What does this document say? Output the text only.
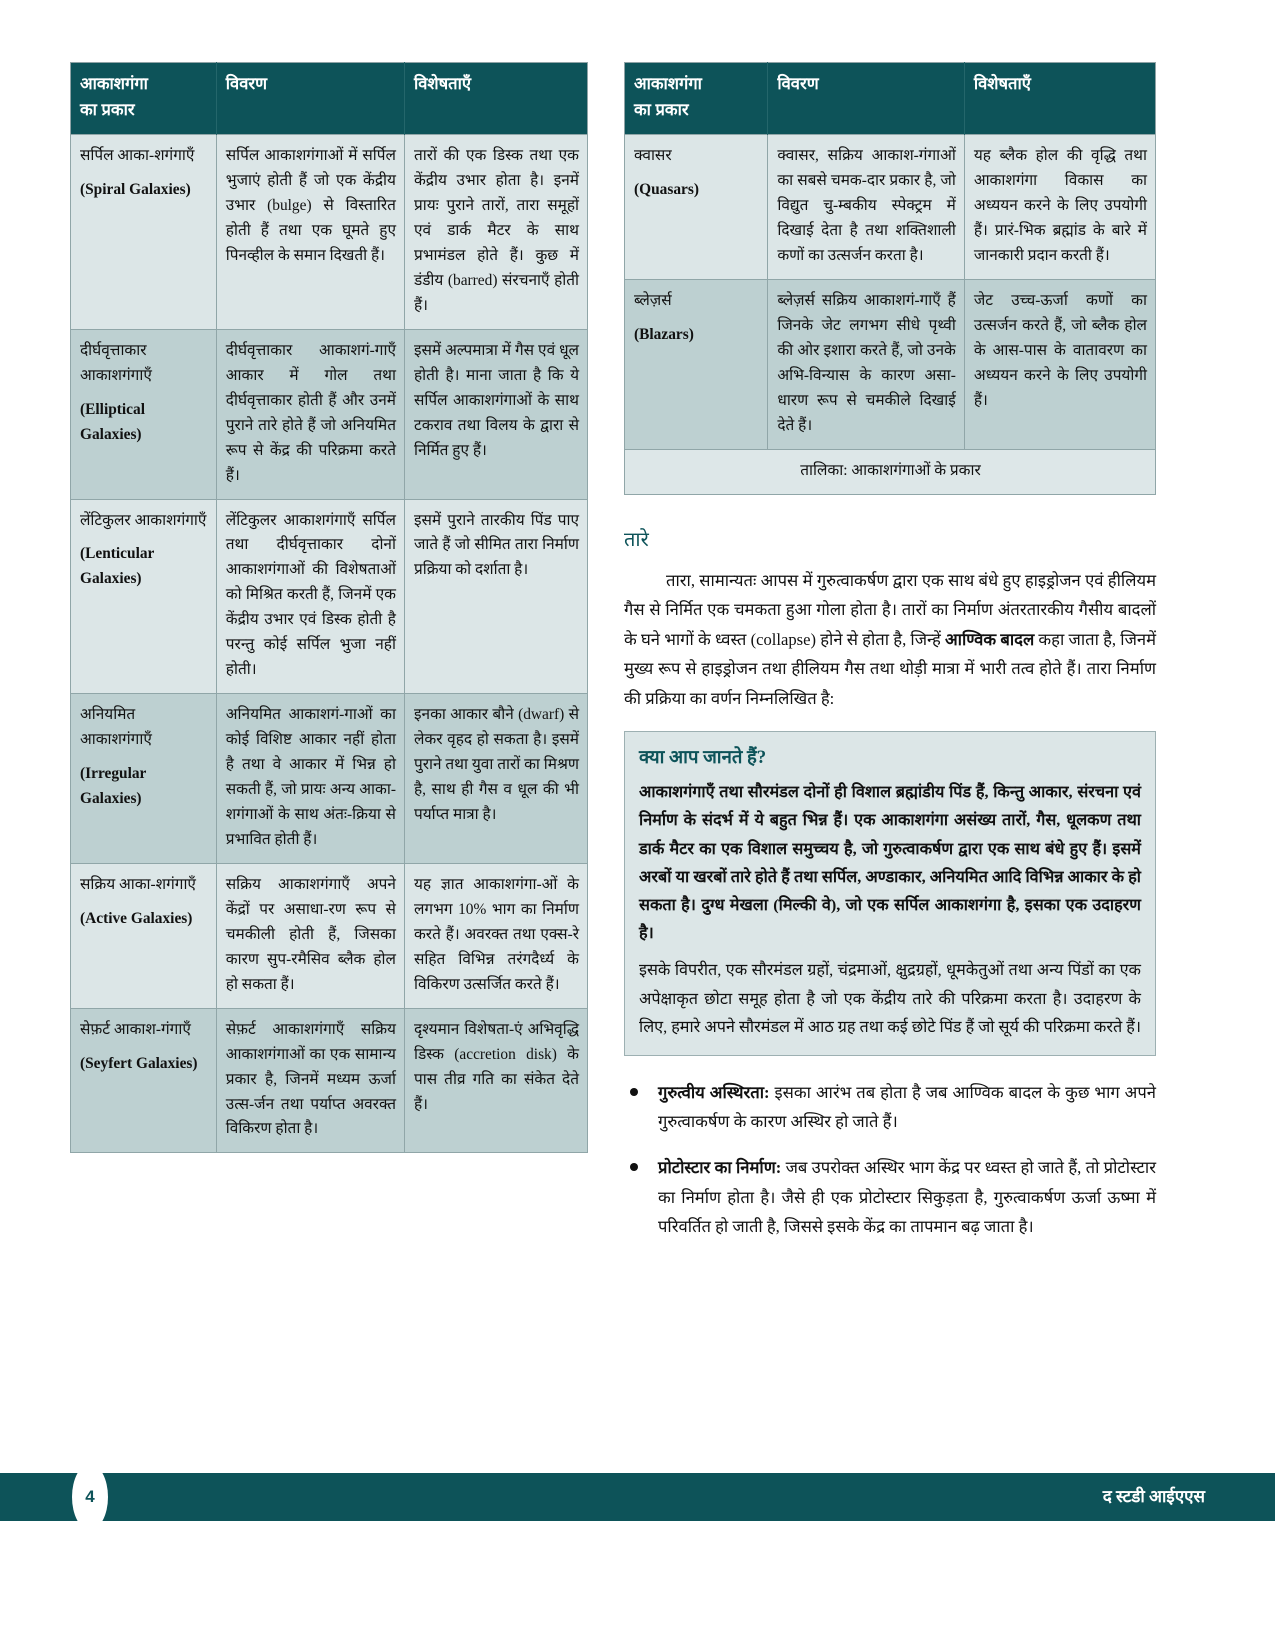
आकाशगंगा
का प्रकार	विवरण	विशेषताएँ

सर्पिल आका-शगंगाएँ
(Spiral Galaxies)	सर्पिल आकाशगंगाओं में सर्पिल भुजाएं होती हैं जो एक केंद्रीय उभार (bulge) से विस्तारित होती हैं तथा एक घूमते हुए पिनव्हील के समान दिखती हैं।	तारों की एक डिस्क तथा एक केंद्रीय उभार होता है। इनमें प्रायः पुराने तारों, तारा समूहों एवं डार्क मैटर के साथ प्रभामंडल होते हैं। कुछ में डंडीय (barred) संरचनाएँ होती हैं।

दीर्घवृत्ताकार आकाशगंगाएँ
(Elliptical Galaxies)	दीर्घवृत्ताकार आकाशगं-गाएँ आकार में गोल तथा दीर्घवृत्ताकार होती हैं और उनमें पुराने तारे होते हैं जो अनियमित रूप से केंद्र की परिक्रमा करते हैं।	इसमें अल्पमात्रा में गैस एवं धूल होती है। माना जाता है कि ये सर्पिल आकाशगंगाओं के साथ टकराव तथा विलय के द्वारा से निर्मित हुए हैं।

लेंटिकुलर आकाशगंगाएँ
(Lenticular Galaxies)	लेंटिकुलर आकाशगंगाएँ सर्पिल तथा दीर्घवृत्ताकार दोनों आकाशगंगाओं की विशेषताओं को मिश्रित करती हैं, जिनमें एक केंद्रीय उभार एवं डिस्क होती है परन्तु कोई सर्पिल भुजा नहीं होती।	इसमें पुराने तारकीय पिंड पाए जाते हैं जो सीमित तारा निर्माण प्रक्रिया को दर्शाता है।

अनियमित आकाशगंगाएँ
(Irregular Galaxies)	अनियमित आकाशगं-गाओं का कोई विशिष्ट आकार नहीं होता है तथा वे आकार में भिन्न हो सकती हैं, जो प्रायः अन्य आका-शगंगाओं के साथ अंतः-क्रिया से प्रभावित होती हैं।	इनका आकार बौने (dwarf) से लेकर वृहद हो सकता है। इसमें पुराने तथा युवा तारों का मिश्रण है, साथ ही गैस व धूल की भी पर्याप्त मात्रा है।

सक्रिय आका-शगंगाएँ
(Active Galaxies)	सक्रिय आकाशगंगाएँ अपने केंद्रों पर असाधा-रण रूप से चमकीली होती हैं, जिसका कारण सुप-रमैसिव ब्लैक होल हो सकता हैं।	यह ज्ञात आकाशगंगा-ओं के लगभग 10% भाग का निर्माण करते हैं। अवरक्त तथा एक्स-रे सहित विभिन्न तरंगदैर्ध्य के विकिरण उत्सर्जित करते हैं।

सेफ़र्ट आकाश-गंगाएँ
(Seyfert Galaxies)	सेफ़र्ट आकाशगंगाएँ सक्रिय आकाशगंगाओं का एक सामान्य प्रकार है, जिनमें मध्यम ऊर्जा उत्स-र्जन तथा पर्याप्त अवरक्त विकिरण होता है।	दृश्यमान विशेषता-एं अभिवृद्धि डिस्क (accretion disk) के पास तीव्र गति का संकेत देते हैं।
आकाशगंगा
का प्रकार	विवरण	विशेषताएँ

क्वासर
(Quasars)	क्वासर, सक्रिय आकाश-गंगाओं का सबसे चमक-दार प्रकार है, जो विद्युत चु-म्बकीय स्पेक्ट्रम में दिखाई देता है तथा शक्तिशाली कणों का उत्सर्जन करता है।	यह ब्लैक होल की वृद्धि तथा आकाशगंगा विकास का अध्ययन करने के लिए उपयोगी हैं। प्रारं-भिक ब्रह्मांड के बारे में जानकारी प्रदान करती हैं।

ब्लेज़र्स
(Blazars)	ब्लेज़र्स सक्रिय आकाशगं-गाएँ हैं जिनके जेट लगभग सीधे पृथ्वी की ओर इशारा करते हैं, जो उनके अभि-विन्यास के कारण असा-धारण रूप से चमकीले दिखाई देते हैं।	जेट उच्च-ऊर्जा कणों का उत्सर्जन करते हैं, जो ब्लैक होल के आस-पास के वातावरण का अध्ययन करने के लिए उपयोगी हैं।
तालिका: आकाशगंगाओं के प्रकार		
तारे

तारा, सामान्यतः आपस में गुरुत्वाकर्षण द्वारा एक साथ बंधे हुए हाइड्रोजन एवं हीलियम गैस से निर्मित एक चमकता हुआ गोला होता है। तारों का निर्माण अंतरतारकीय गैसीय बादलों के घने भागों के ध्वस्त (collapse) होने से होता है, जिन्हें आण्विक बादल कहा जाता है, जिनमें मुख्य रूप से हाइड्रोजन तथा हीलियम गैस तथा थोड़ी मात्रा में भारी तत्व होते हैं। तारा निर्माण की प्रक्रिया का वर्णन निम्नलिखित है:

क्या आप जानते हैं?

आकाशगंगाएँ तथा सौरमंडल दोनों ही विशाल ब्रह्मांडीय पिंड हैं, किन्तु आकार, संरचना एवं निर्माण के संदर्भ में ये बहुत भिन्न हैं। एक आकाशगंगा असंख्य तारों, गैस, धूलकण तथा डार्क मैटर का एक विशाल समुच्चय है, जो गुरुत्वाकर्षण द्वारा एक साथ बंधे हुए हैं। इसमें अरबों या खरबों तारे होते हैं तथा सर्पिल, अण्डाकार, अनियमित आदि विभिन्न आकार के हो सकता है। दुग्ध मेखला (मिल्की वे), जो एक सर्पिल आकाशगंगा है, इसका एक उदाहरण है।

इसके विपरीत, एक सौरमंडल ग्रहों, चंद्रमाओं, क्षुद्रग्रहों, धूमकेतुओं तथा अन्य पिंडों का एक अपेक्षाकृत छोटा समूह होता है जो एक केंद्रीय तारे की परिक्रमा करता है। उदाहरण के लिए, हमारे अपने सौरमंडल में आठ ग्रह तथा कई छोटे पिंड हैं जो सूर्य की परिक्रमा करते हैं।

गुरुत्वीय अस्थिरता: इसका आरंभ तब होता है जब आण्विक बादल के कुछ भाग अपने गुरुत्वाकर्षण के कारण अस्थिर हो जाते हैं।
प्रोटोस्टार का निर्माण: जब उपरोक्त अस्थिर भाग केंद्र पर ध्वस्त हो जाते हैं, तो प्रोटोस्टार का निर्माण होता है। जैसे ही एक प्रोटोस्टार सिकुड़ता है, गुरुत्वाकर्षण ऊर्जा ऊष्मा में परिवर्तित हो जाती है, जिससे इसके केंद्र का तापमान बढ़ जाता है।
द स्टडी आईएएस
4
